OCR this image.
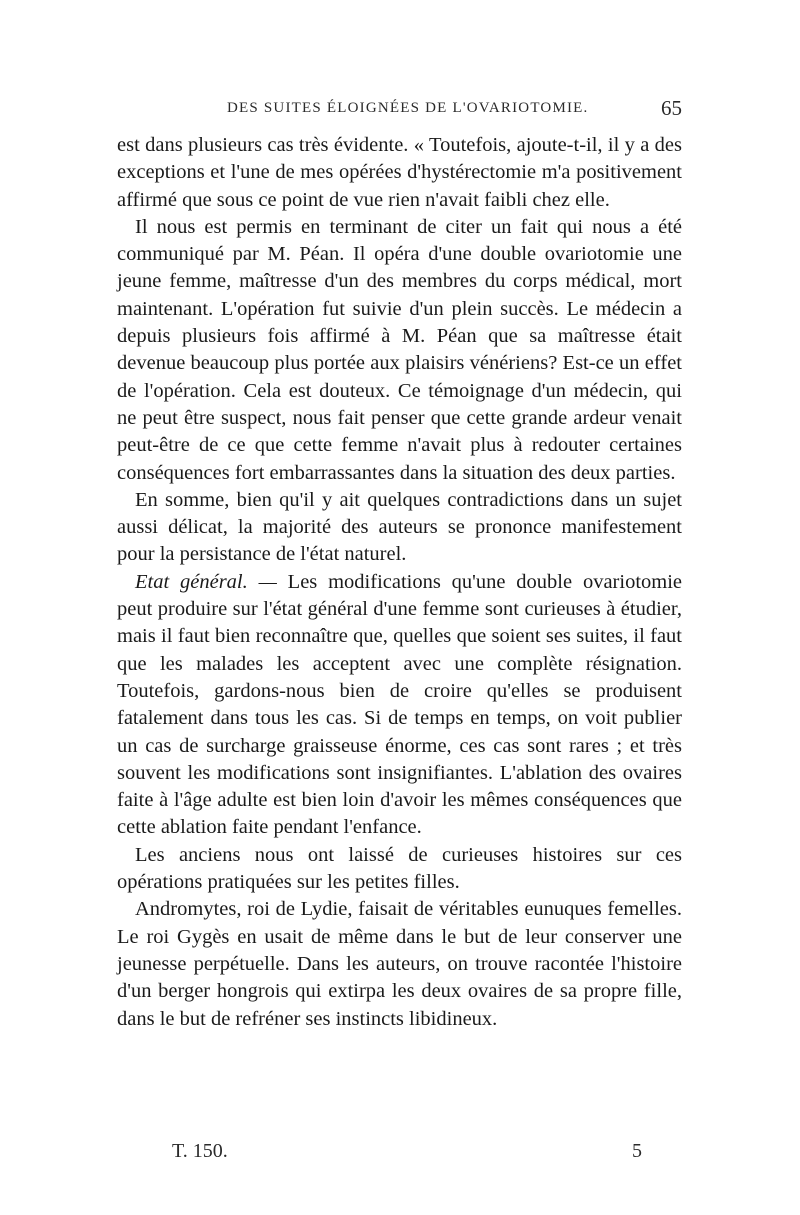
DES SUITES ÉLOIGNÉES DE L'OVARIOTOMIE.	65

est dans plusieurs cas très évidente. « Toutefois, ajoute-t-il, il y a des exceptions et l'une de mes opérées d'hystérectomie m'a positivement affirmé que sous ce point de vue rien n'avait faibli chez elle.

Il nous est permis en terminant de citer un fait qui nous a été communiqué par M. Péan. Il opéra d'une double ovariotomie une jeune femme, maîtresse d'un des membres du corps médical, mort maintenant. L'opération fut suivie d'un plein succès. Le médecin a depuis plusieurs fois affirmé à M. Péan que sa maîtresse était devenue beaucoup plus portée aux plaisirs vénériens? Est-ce un effet de l'opération. Cela est douteux. Ce témoignage d'un médecin, qui ne peut être suspect, nous fait penser que cette grande ardeur venait peut-être de ce que cette femme n'avait plus à redouter certaines conséquences fort embarrassantes dans la situation des deux parties.

En somme, bien qu'il y ait quelques contradictions dans un sujet aussi délicat, la majorité des auteurs se prononce manifestement pour la persistance de l'état naturel.

Etat général. — Les modifications qu'une double ovariotomie peut produire sur l'état général d'une femme sont curieuses à étudier, mais il faut bien reconnaître que, quelles que soient ses suites, il faut que les malades les acceptent avec une complète résignation. Toutefois, gardons-nous bien de croire qu'elles se produisent fatalement dans tous les cas. Si de temps en temps, on voit publier un cas de surcharge graisseuse énorme, ces cas sont rares ; et très souvent les modifications sont insignifiantes. L'ablation des ovaires faite à l'âge adulte est bien loin d'avoir les mêmes conséquences que cette ablation faite pendant l'enfance.

Les anciens nous ont laissé de curieuses histoires sur ces opérations pratiquées sur les petites filles.

Andromytes, roi de Lydie, faisait de véritables eunuques femelles. Le roi Gygès en usait de même dans le but de leur conserver une jeunesse perpétuelle. Dans les auteurs, on trouve racontée l'histoire d'un berger hongrois qui extirpa les deux ovaires de sa propre fille, dans le but de refréner ses instincts libidineux.

T. 150.	5
